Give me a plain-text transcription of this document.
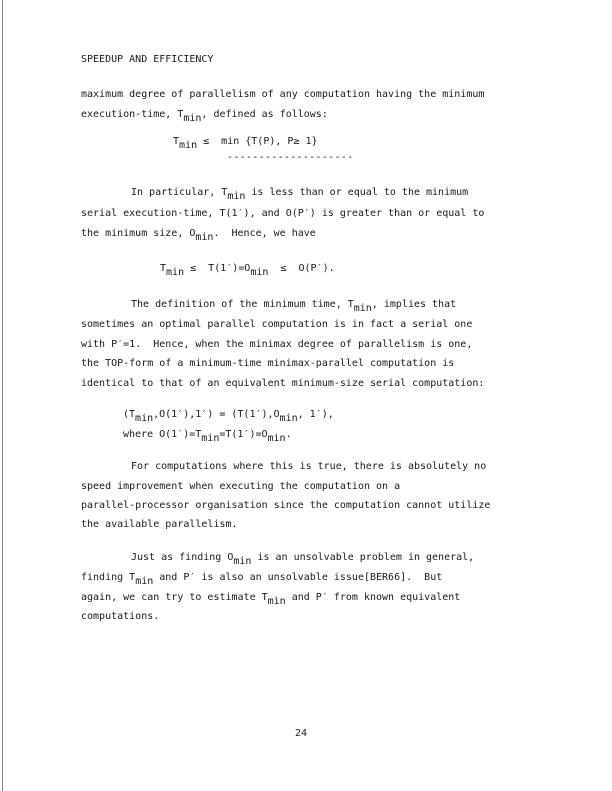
SPEEDUP AND EFFICIENCY
maximum degree of parallelism of any computation having the minimum
execution-time, Tmin, defined as follows:
Tmin ≤  min {T(P), P≥ 1}
--------------------
In particular, Tmin is less than or equal to the minimum
serial execution-time, T(1′), and O(P′) is greater than or equal to
the minimum size, Omin.  Hence, we have
Tmin ≤  T(1′)=Omin  ≤  O(P′).
The definition of the minimum time, Tmin, implies that
sometimes an optimal parallel computation is in fact a serial one
with P′=1.  Hence, when the minimax degree of parallelism is one,
the TOP-form of a minimum-time minimax-parallel computation is
identical to that of an equivalent minimum-size serial computation:
(Tmin,O(1′),1′) = (T(1′),Omin, 1′),
where O(1′)=Tmin=T(1′)=Omin.
For computations where this is true, there is absolutely no
speed improvement when executing the computation on a
parallel-processor organisation since the computation cannot utilize
the available parallelism.
Just as finding Omin is an unsolvable problem in general,
finding Tmin and P′ is also an unsolvable issue[BER66].  But
again, we can try to estimate Tmin and P′ from known equivalent
computations.
24
